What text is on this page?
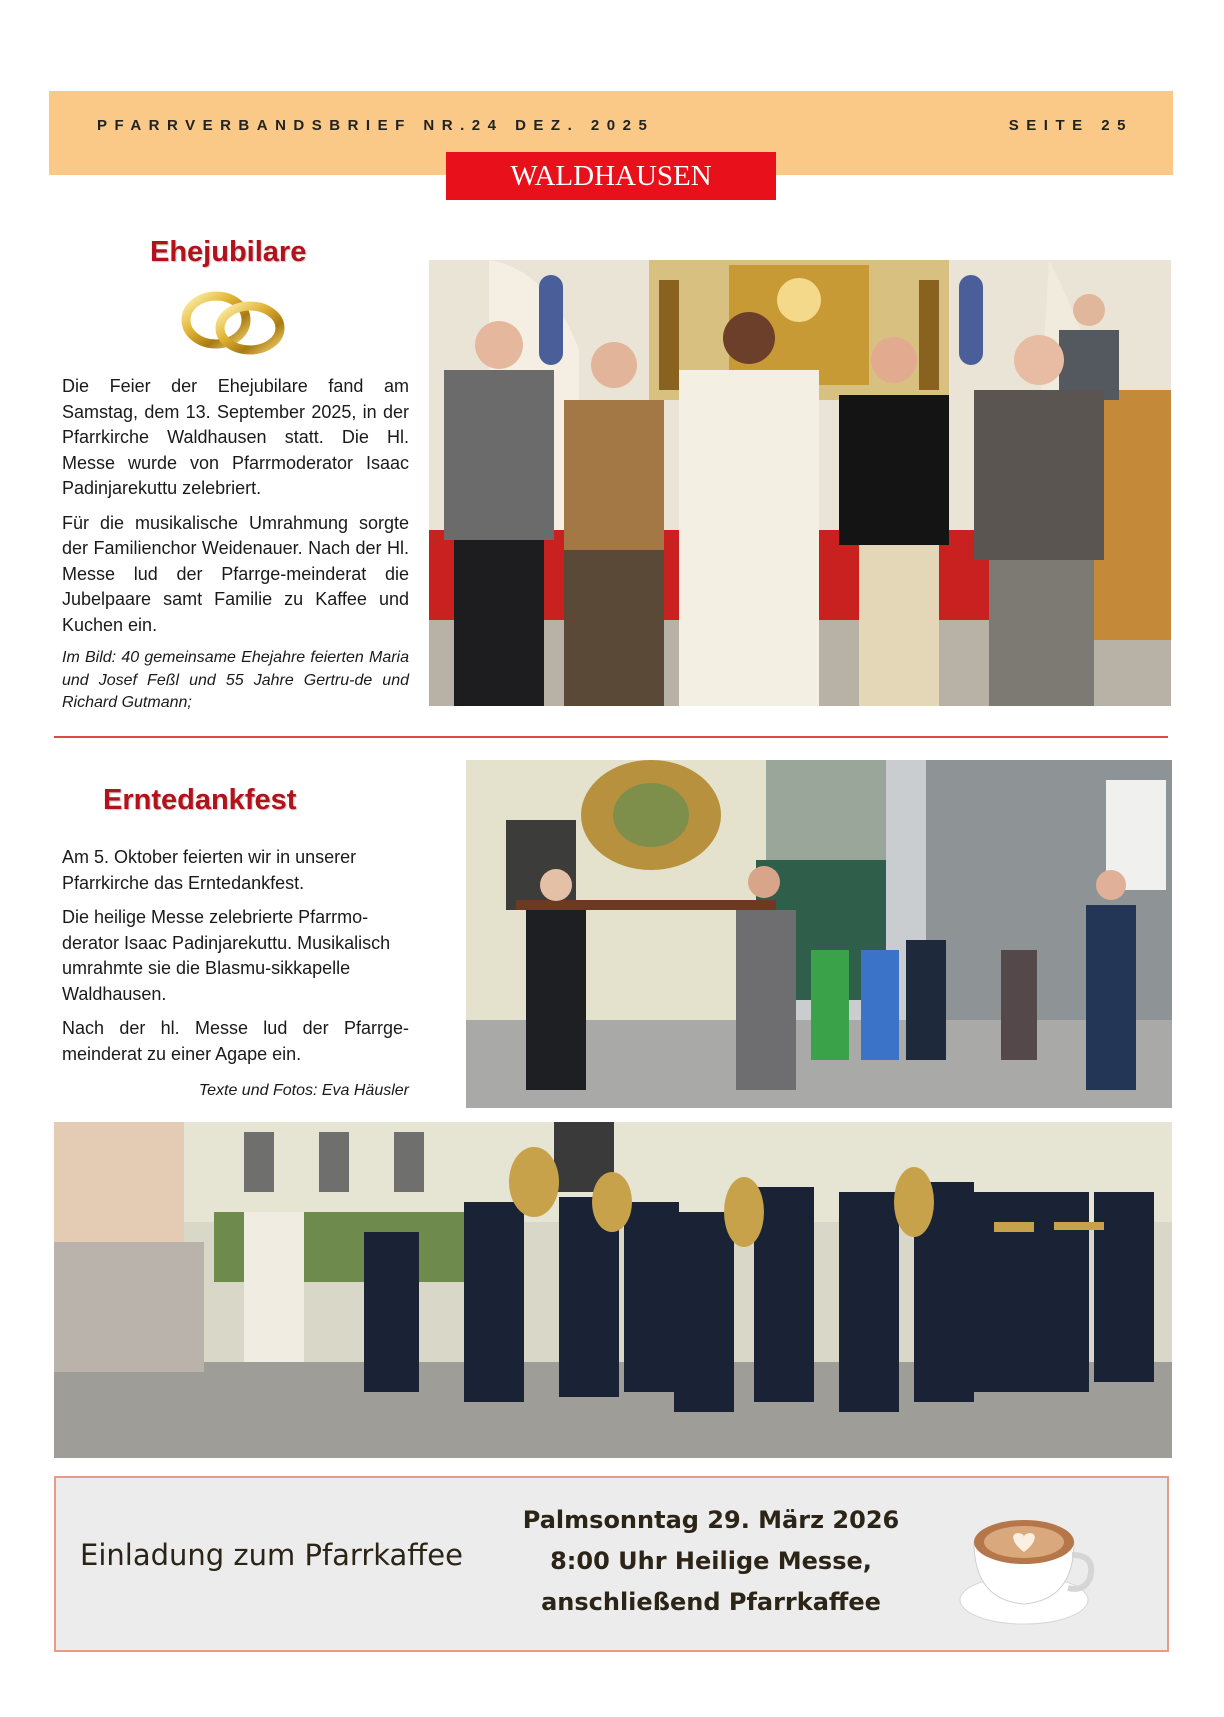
PFARRVERBANDSBRIEF NR.24 DEZ. 2025	SEITE 25
WALDHAUSEN
Ehejubilare

Die Feier der Ehejubilare fand am Samstag, dem 13. September 2025, in der Pfarrkirche Waldhausen statt. Die Hl. Messe wurde von Pfarrmoderator Isaac Padinjarekuttu zelebriert.

Für die musikalische Umrahmung sorgte der Familienchor Weidenauer. Nach der Hl. Messe lud der Pfarrge-meinderat die Jubelpaare samt Familie zu Kaffee und Kuchen ein.

Im Bild: 40 gemeinsame Ehejahre feierten Maria und Josef Feßl und 55 Jahre Gertru-de und Richard Gutmann;
Erntedankfest

Am 5. Oktober feierten wir in unserer Pfarrkirche das Erntedankfest.

Die heilige Messe zelebrierte Pfarrmo-derator Isaac Padinjarekuttu. Musikalisch umrahmte sie die Blasmu-sikkapelle Waldhausen.

Nach der hl. Messe lud der Pfarrge-meinderat zu einer Agape ein.

Texte und Fotos: Eva Häusler
Einladung zum Pfarrkaffee
Palmsonntag 29. März 2026
8:00 Uhr Heilige Messe,
anschließend Pfarrkaffee
